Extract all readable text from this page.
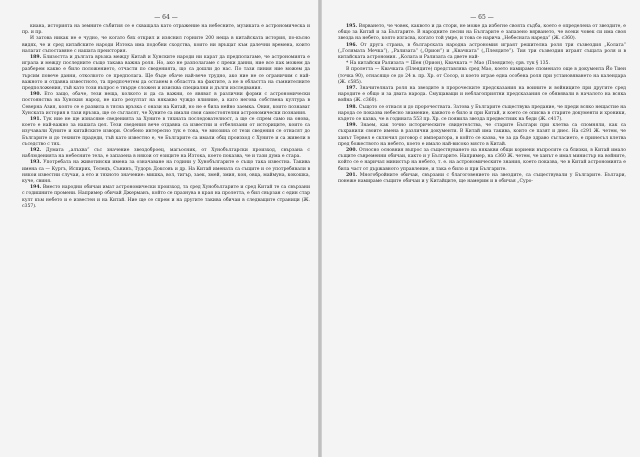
— 64 —

киана, историята на земните събития се е схващала като отражение на небесните, музиката е астрономическа и пр. и пр.

И затова никак не е чудно, че когато бях открил и изяснил горните 200 неща в китайската история, по-късно видях, че и сред китайските народи Изтока има подобни сходства, които ни връщат към далечни времена, които налагат съпоставяне с нашата преистория.

189. Близостта и дългата връзка между Китай и Хунските народи ни карат да предполагаме, че астрономията е играла и между последните също такава важна роля. Но, ако не разполагаме с преки данни, ние все пак можем да разберем какво е било положението, отчасти по сведенията, що са дошли до нас. По тази линия ние можем да търсим повече данни, отколкото се предполага. Ще бъде обаче най-вече трудно, ако ние не се ограничим с най-важното и отдавна известното, та предпочетем да останем в областта на фактите, а не в областта на съмнителните предположения, тъй като този въпрос е твърде сложен и изисква специални и дълги изследвания.

190. Ето защо, обаче, тези неща, колкото и да са важни, се явяват в различни форми с астрономически постоянства на Хунския народ, не като резултат на някакво чуждо влияние, а като негова собствена култура в Северна Азия, която се е развила в тясна връзка с онази на Китай, но не е била нейно заемка. Ония, които познават Хунската история в тази връзка, ще се съгласят, че Хуните са имали свои самостоятелни астрономически познания.

191. Тук ние не ще изнасяме сведенията за Хуните в тяхната последователност, а ще се спрем само на онова, което е най-важно за нашата цел. Тези сведения вече отдавна са известни и отбелязани от историците, които са изучавали Хуните и китайските извори. Особено интересно тук е това, че мнозина от тези сведения се отнасят до Българите и до техните прадеди, тъй като известно е, че Българите са имали общ произход с Хуните и са живели в съседство с тях.

192. Думата „алъхва“ със значение звездоброец, магьосник, от Хунобългарски произход, свързана с наблюденията на небесните тела, е запазена в някои от езиците на Изтока, което показва, че и тази дума е стара.

193. Употребата на животински имена за означаване на години у Хунобългарите е също така известна. Такива имена са — Кургъ, Испирих, Телецъ, Сънинъ, Тудоръ Доксовъ и др. На Китай имената са същите и се употребявали в някои известни случаи, а ето и тяхното значение: мишка, вол, тигър, заек, змей, змия, кон, овца, маймуна, кокошка, куче, свиня.

194. Вместо народни обичаи имат астрономически произход, та сред Хунобългарите и сред Китай те са свързани с годишните промени. Например обичай Джерманъ, който се празнува в края на пролетта, е бил свързан с един стар култ към небето и е известен и на Китай. Ние ще се спрем и на другите такива обичаи в следващите страници (Ж. с357).

— 65 —

195. Вярването, че човек, каквото и да стори, не може да избегне своята съдба, което е определена от звездите, е общо за Китай и за Българите. В народните песни на Българите е запазено вярването, че всеки човек си има своя звезда на небето, която изгасва, когато той умре, и това се нарича „Небесната нареда“ (Ж. с360).

196. От друга страна, в българската народна астрономия играят решителна роля три съзвездия „Колата“ („Голямата Мечка“), „Рализата“ („Орион“) и „Квачката“ („Плеядите“). Тия три съзвездия играят същата роля и в китайската астрономия. „Колата и Рализата са двете най-

* На китайски Рализата = Шен (Орион), Квачката = Мао (Плеядите); срв. тук § 135.

В пролетта — Квачката (Плеядите) представлява сред Мао, което намираме споменато още в документа Йо Тиен (точка 90), отнасящо се до 24 в. пр. Хр. от Сосор, и което играе една особена роля при установяването на календара (Ж. с585).

197. Значителната роля на звездите в пророческите предсказания на воините и войниците при другите сред народите е общо и за двата народа. Смущаващи и неблагоприятни предсказания се обявявали в началото на всяка война (Ж. с360).

198. Същото се отнася и до пророчествата. Затова у Българите съществува предание, че преди всяко нещастие на народа се показва небесно знамение, каквото е било и при Китай, и което се описва в старите документи и хроники, където се казва, че в годината 553 пр. Хр. се появила звезда предвестник на беди (Ж. с417).

199. Знаем, как точно историческите свидетелства, че старите Българи при клетва са спомняли, как са съхранили своите имена в различни документи. В Китай има такива, които се пазят и днес. На с291 Ж. четем, че ханът Тервел е сключил договор с императора, в който се казва, че за да бъде здраво съгласието, е принесъл клетва пред божеството на небето, което е имало най-високо място в Китай.

200. Относно основния въпрос за съществуването на някакви общи кориени въпросите са близки, в Китай имало същите съвременни обичаи, както и у Българите. Например, на с360 Ж. четем, че ханът е имал министър на войните, който се е наричал министър на небето, т. е. на астрономическите знания, което показва, че в Китай астрономията е била част от държавното управление, и така е било и при Българите.

201. Многобройните обичаи, свързани с благоговението на звездите, са съществували у Българите. Българи, понеже намираме същите обичаи и у Китайците, ще намерим и в обичая „Суро-
